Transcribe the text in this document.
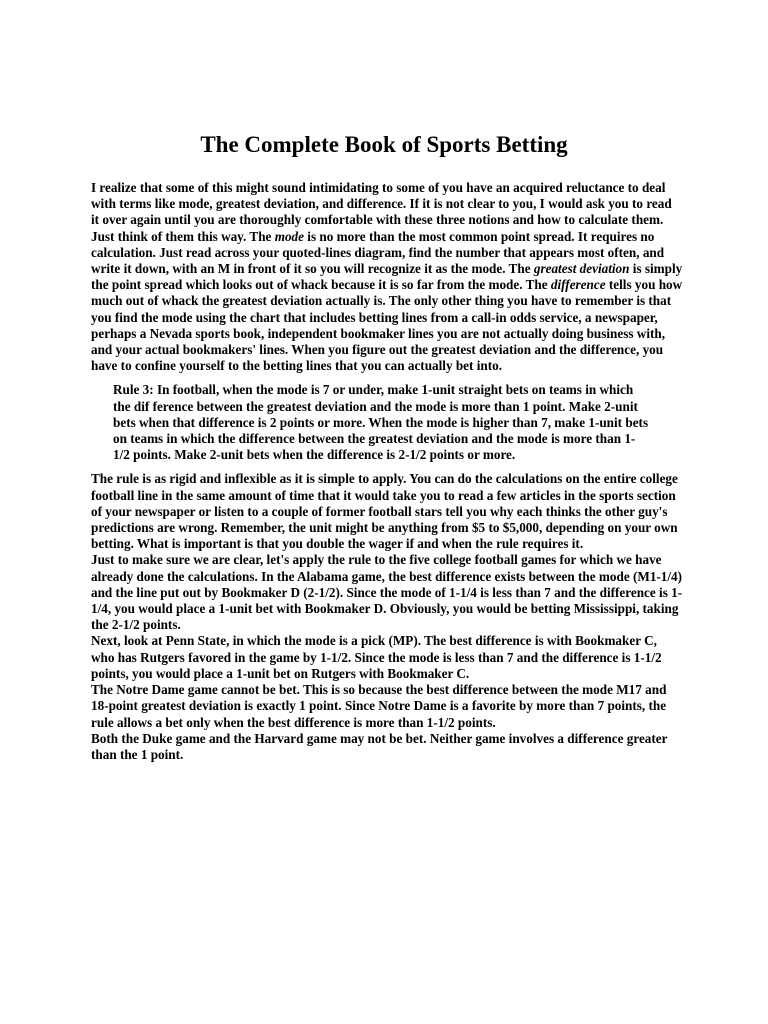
The Complete Book of Sports Betting

I realize that some of this might sound intimidating to some of you have an acquired reluctance to deal with terms like mode, greatest deviation, and difference. If it is not clear to you, I would ask you to read it over again until you are thoroughly comfortable with these three notions and how to calculate them. Just think of them this way. The mode is no more than the most common point spread. It requires no calculation. Just read across your quoted-lines diagram, find the number that appears most often, and write it down, with an M in front of it so you will recognize it as the mode. The greatest deviation is simply the point spread which looks out of whack because it is so far from the mode. The difference tells you how much out of whack the greatest deviation actually is. The only other thing you have to remember is that you find the mode using the chart that includes betting lines from a call-in odds service, a newspaper, perhaps a Nevada sports book, independent bookmaker lines you are not actually doing business with, and your actual bookmakers' lines. When you figure out the greatest deviation and the difference, you have to confine yourself to the betting lines that you can actually bet into.

Rule 3: In football, when the mode is 7 or under, make 1-unit straight bets on teams in which the dif ference between the greatest deviation and the mode is more than 1 point. Make 2-unit bets when that difference is 2 points or more. When the mode is higher than 7, make 1-unit bets on teams in which the difference between the greatest deviation and the mode is more than 1-1/2 points. Make 2-unit bets when the difference is 2-1/2 points or more.

The rule is as rigid and inflexible as it is simple to apply. You can do the calculations on the entire college football line in the same amount of time that it would take you to read a few articles in the sports section of your newspaper or listen to a couple of former football stars tell you why each thinks the other guy's predictions are wrong. Remember, the unit might be anything from $5 to $5,000, depending on your own betting. What is important is that you double the wager if and when the rule requires it.

Just to make sure we are clear, let's apply the rule to the five college football games for which we have already done the calculations. In the Alabama game, the best difference exists between the mode (M1-1/4) and the line put out by Bookmaker D (2-1/2). Since the mode of 1-1/4 is less than 7 and the difference is 1-1/4, you would place a 1-unit bet with Bookmaker D. Obviously, you would be betting Mississippi, taking the 2-1/2 points.

Next, look at Penn State, in which the mode is a pick (MP). The best difference is with Bookmaker C, who has Rutgers favored in the game by 1-1/2. Since the mode is less than 7 and the difference is 1-1/2 points, you would place a 1-unit bet on Rutgers with Bookmaker C.

The Notre Dame game cannot be bet. This is so because the best difference between the mode M17 and 18-point greatest deviation is exactly 1 point. Since Notre Dame is a favorite by more than 7 points, the rule allows a bet only when the best difference is more than 1-1/2 points.

Both the Duke game and the Harvard game may not be bet. Neither game involves a difference greater than the 1 point.
